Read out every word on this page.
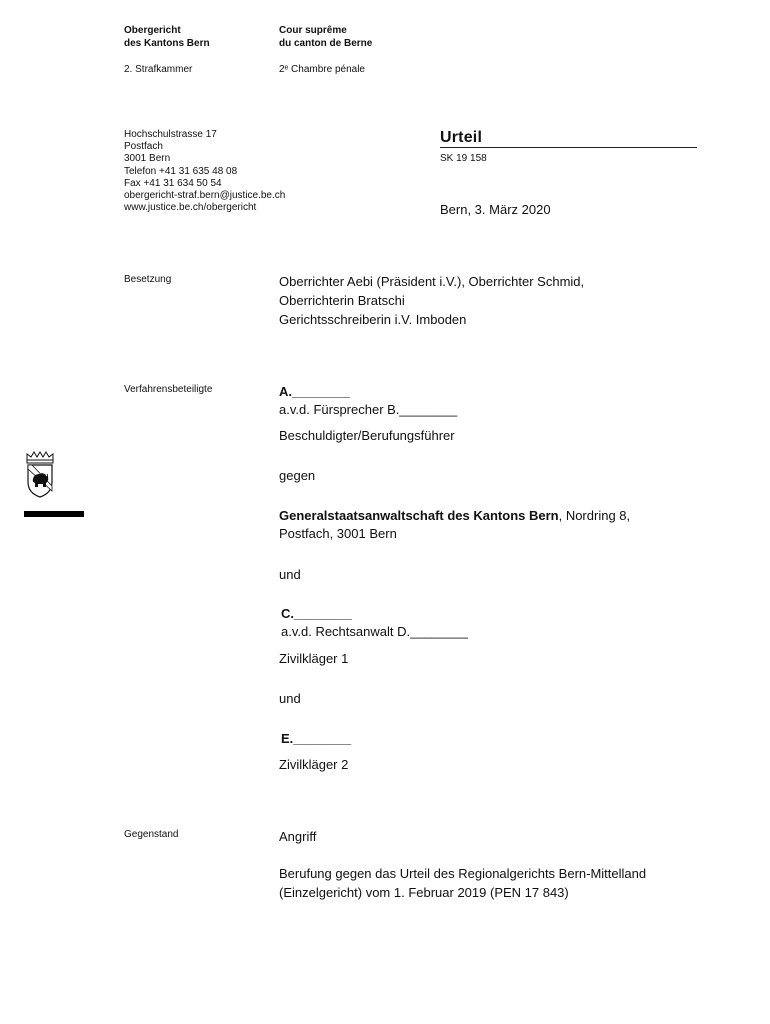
Obergericht
des Kantons Bern
Cour suprême
du canton de Berne
2. Strafkammer	2ᵉ Chambre pénale
Hochschulstrasse 17
Postfach
3001 Bern
Telefon +41 31 635 48 08
Fax +41 31 634 50 54
obergericht-straf.bern@justice.be.ch
www.justice.be.ch/obergericht
Urteil
SK 19 158
Bern, 3. März 2020
Besetzung	Oberrichter Aebi (Präsident i.V.), Oberrichter Schmid,
Oberrichterin Bratschi
Gerichtsschreiberin i.V. Imboden
Verfahrensbeteiligte	A.________
a.v.d. Fürsprecher B.________
Beschuldigter/Berufungsführer
gegen
Generalstaatsanwaltschaft des Kantons Bern, Nordring 8,
Postfach, 3001 Bern
und
C.________
a.v.d. Rechtsanwalt D.________
Zivilkläger 1
und
E.________
Zivilkläger 2
Gegenstand	Angriff
Berufung gegen das Urteil des Regionalgerichts Bern-Mittelland
(Einzelgericht) vom 1. Februar 2019 (PEN 17 843)
